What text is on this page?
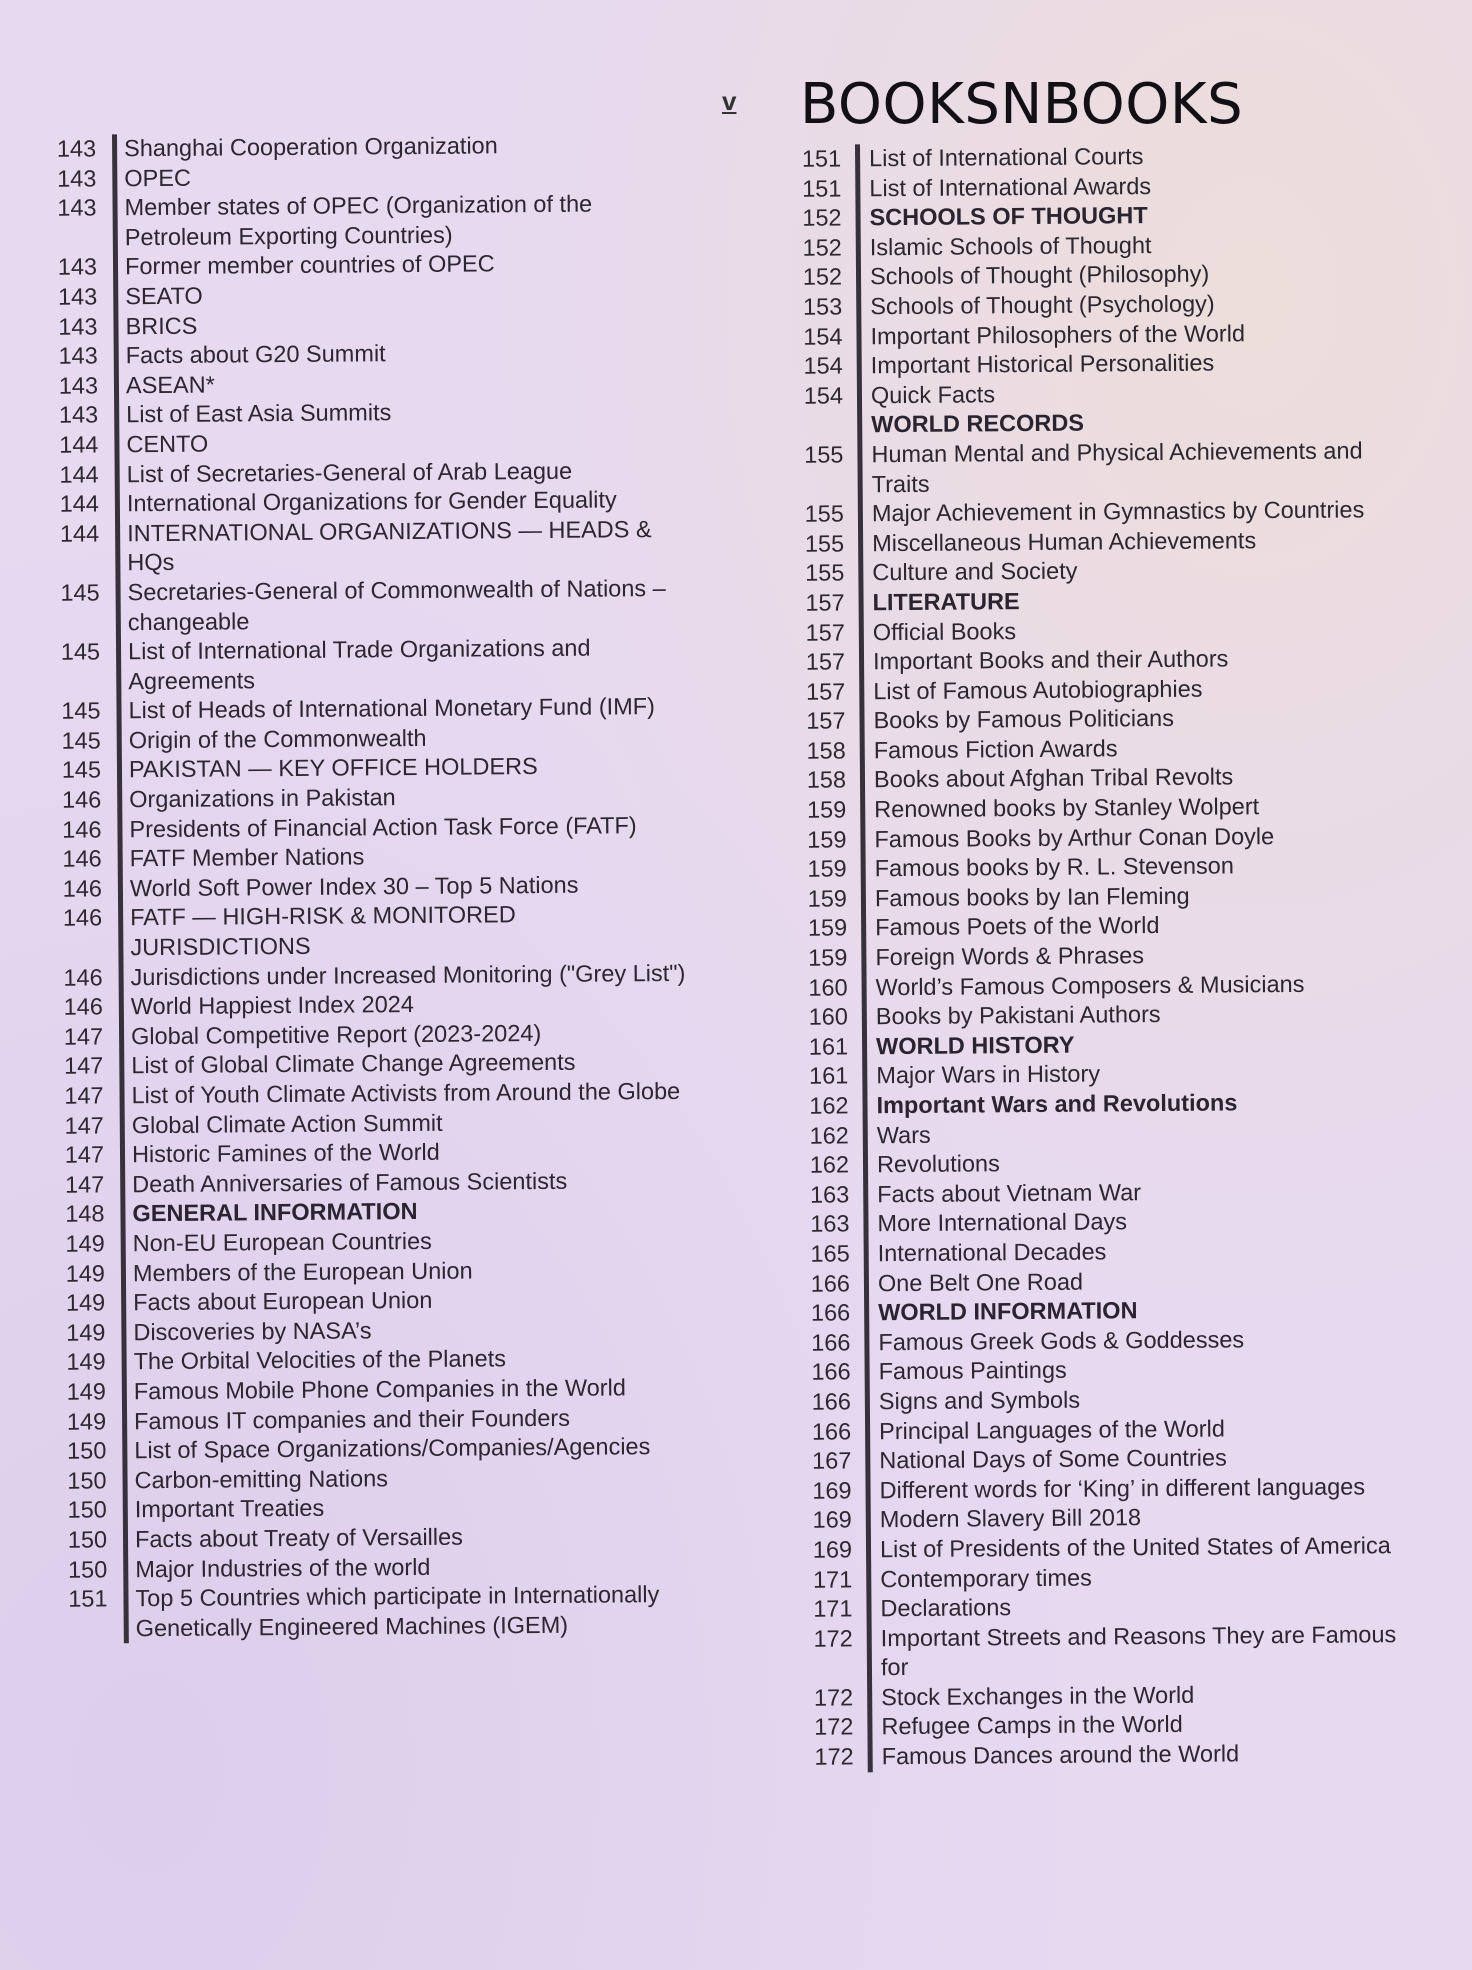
v BOOKSNBOOKS
143	Shanghai Cooperation Organization
143	OPEC
143	Member states of OPEC (Organization of the Petroleum Exporting Countries)
143	Former member countries of OPEC
143	SEATO
143	BRICS
143	Facts about G20 Summit
143	ASEAN*
143	List of East Asia Summits
144	CENTO
144	List of Secretaries-General of Arab League
144	International Organizations for Gender Equality
144	INTERNATIONAL ORGANIZATIONS — HEADS & HQs
145	Secretaries-General of Commonwealth of Nations – changeable
145	List of International Trade Organizations and Agreements
145	List of Heads of International Monetary Fund (IMF)
145	Origin of the Commonwealth
145	PAKISTAN — KEY OFFICE HOLDERS
146	Organizations in Pakistan
146	Presidents of Financial Action Task Force (FATF)
146	FATF Member Nations
146	World Soft Power Index 30 – Top 5 Nations
146	FATF — HIGH-RISK & MONITORED JURISDICTIONS
146	Jurisdictions under Increased Monitoring ("Grey List")
146	World Happiest Index 2024
147	Global Competitive Report (2023-2024)
147	List of Global Climate Change Agreements
147	List of Youth Climate Activists from Around the Globe
147	Global Climate Action Summit
147	Historic Famines of the World
147	Death Anniversaries of Famous Scientists
148	GENERAL INFORMATION
149	Non-EU European Countries
149	Members of the European Union
149	Facts about European Union
149	Discoveries by NASA’s
149	The Orbital Velocities of the Planets
149	Famous Mobile Phone Companies in the World
149	Famous IT companies and their Founders
150	List of Space Organizations/Companies/Agencies
150	Carbon-emitting Nations
150	Important Treaties
150	Facts about Treaty of Versailles
150	Major Industries of the world
151	Top 5 Countries which participate in Internationally Genetically Engineered Machines (IGEM)
151	List of International Courts
151	List of International Awards
152	SCHOOLS OF THOUGHT
152	Islamic Schools of Thought
152	Schools of Thought (Philosophy)
153	Schools of Thought (Psychology)
154	Important Philosophers of the World
154	Important Historical Personalities
154	Quick Facts
WORLD RECORDS
155	Human Mental and Physical Achievements and Traits
155	Major Achievement in Gymnastics by Countries
155	Miscellaneous Human Achievements
155	Culture and Society
157	LITERATURE
157	Official Books
157	Important Books and their Authors
157	List of Famous Autobiographies
157	Books by Famous Politicians
158	Famous Fiction Awards
158	Books about Afghan Tribal Revolts
159	Renowned books by Stanley Wolpert
159	Famous Books by Arthur Conan Doyle
159	Famous books by R. L. Stevenson
159	Famous books by Ian Fleming
159	Famous Poets of the World
159	Foreign Words & Phrases
160	World’s Famous Composers & Musicians
160	Books by Pakistani Authors
161	WORLD HISTORY
161	Major Wars in History
162	Important Wars and Revolutions
162	Wars
162	Revolutions
163	Facts about Vietnam War
163	More International Days
165	International Decades
166	One Belt One Road
166	WORLD INFORMATION
166	Famous Greek Gods & Goddesses
166	Famous Paintings
166	Signs and Symbols
166	Principal Languages of the World
167	National Days of Some Countries
169	Different words for ‘King’ in different languages
169	Modern Slavery Bill 2018
169	List of Presidents of the United States of America
171	Contemporary times
171	Declarations
172	Important Streets and Reasons They are Famous for
172	Stock Exchanges in the World
172	Refugee Camps in the World
172	Famous Dances around the World
